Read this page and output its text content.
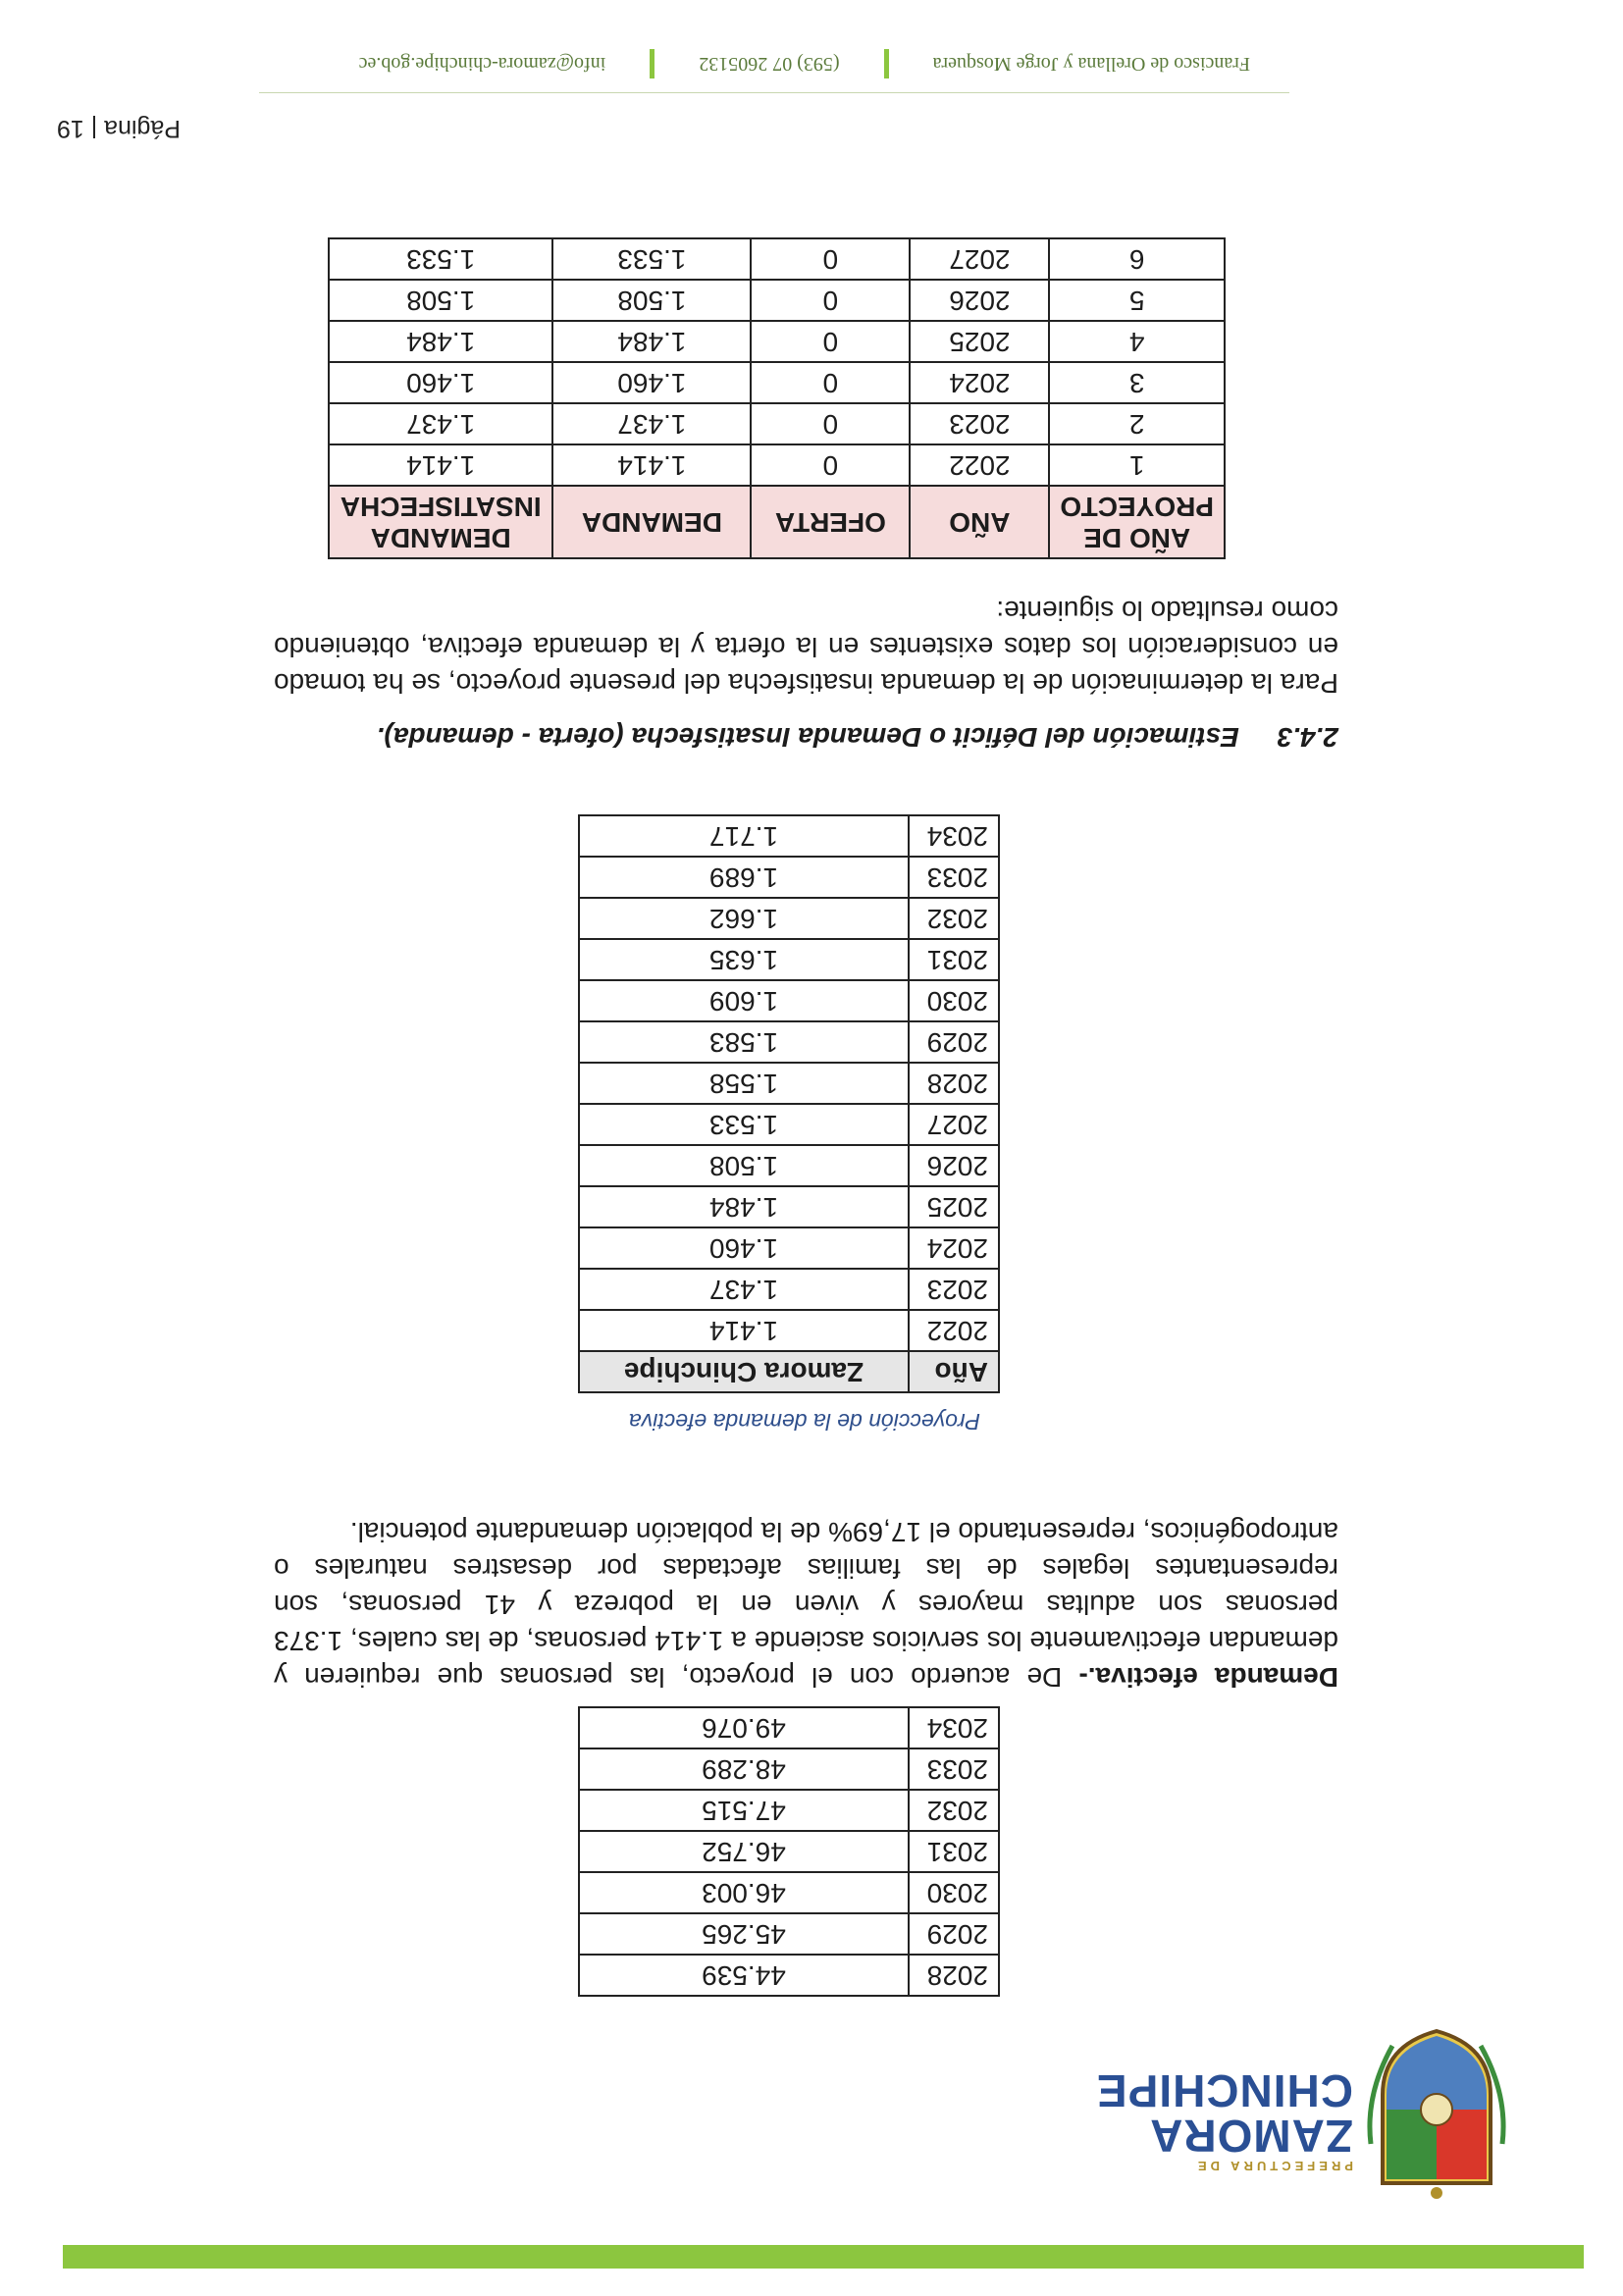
PREFECTURA DE
ZAMORA
CHINCHIPE
2028	44.539
2029	45.265
2030	46.003
2031	46.752
2032	47.515
2033	48.289
2034	49.076

Demanda efectiva.- De acuerdo con el proyecto, las personas que requieren y demandan efectivamente los servicios asciende a 1.414 personas, de las cuales, 1.373 personas son adultas mayores y viven en la pobreza y 41 personas, son representantes legales de las familias afectadas por desastres naturales o antropogénicos, representando el 17,69% de la población demandante potencial.

Proyección de la demanda efectiva
Año	Zamora Chinchipe
2022	1.414
2023	1.437
2024	1.460
2025	1.484
2026	1.508
2027	1.533
2028	1.558
2029	1.583
2030	1.609
2031	1.635
2032	1.662
2033	1.689
2034	1.717
2.4.3     Estimación del Déficit o Demanda Insatisfecha (oferta - demanda).

Para la determinación de la demanda insatisfecha del presente proyecto, se ha tomado en consideración los datos existentes en la oferta y la demanda efectiva, obteniendo como resultado lo siguiente:

AÑO DE PROYECTO	AÑO	OFERTA	DEMANDA	DEMANDA INSATISFECHA
1	2022	0	1.414	1.414
2	2023	0	1.437	1.437
3	2024	0	1.460	1.460
4	2025	0	1.484	1.484
5	2026	0	1.508	1.508
6	2027	0	1.533	1.533
Página | 19
Francisco de Orellana y Jorge Mosquera  (593) 07 2605132  info@zamora-chinchipe.gob.ec
